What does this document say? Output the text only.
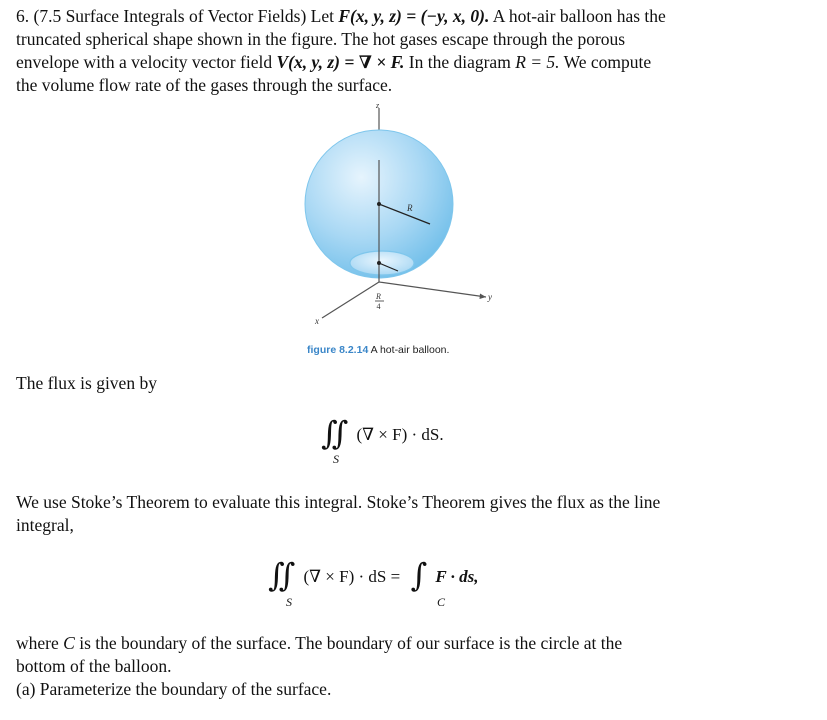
6. (7.5 Surface Integrals of Vector Fields) Let F(x, y, z) = (−y, x, 0). A hot-air balloon has the
truncated spherical shape shown in the figure. The hot gases escape through the porous
envelope with a velocity vector field V(x, y, z) = ∇ × F. In the diagram R = 5. We compute
the volume flow rate of the gases through the surface.

z
R
R
4
y
x
figure 8.2.14 A hot-air balloon.

The flux is given by

∬ (∇ × F) · dS.
S

We use Stoke’s Theorem to evaluate this integral. Stoke’s Theorem gives the flux as the line
integral,

∬ (∇ × F) · dS = ∫ F · ds,
S	C

where C is the boundary of the surface. The boundary of our surface is the circle at the
bottom of the balloon.

(a) Parameterize the boundary of the surface.
